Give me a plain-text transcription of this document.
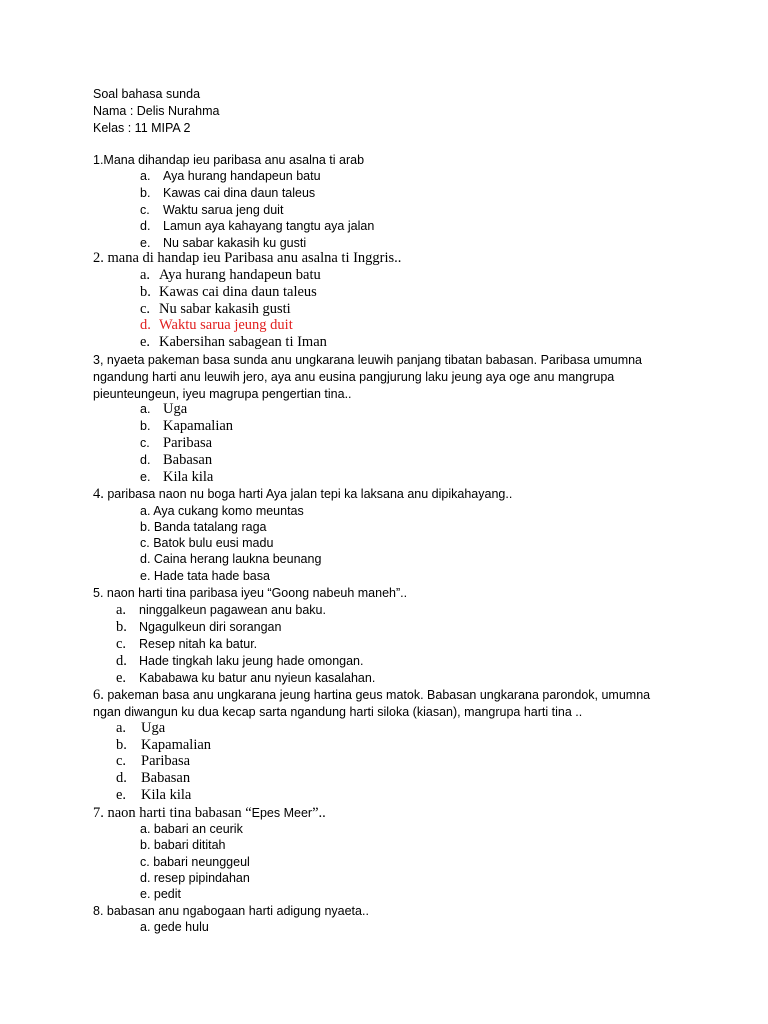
Soal bahasa sunda
Nama : Delis Nurahma
Kelas : 11 MIPA 2
1.Mana dihandap ieu paribasa anu asalna ti arab
a. Aya hurang handapeun batu
b. Kawas cai dina daun taleus
c. Waktu sarua jeng duit
d. Lamun aya kahayang tangtu aya jalan
e. Nu sabar kakasih ku gusti
2. mana di handap ieu Paribasa anu asalna ti Inggris..
a. Aya hurang handapeun batu
b. Kawas cai dina daun taleus
c. Nu sabar kakasih gusti
d. Waktu sarua jeung duit
e. Kabersihan sabagean ti Iman
3, nyaeta pakeman basa sunda anu ungkarana leuwih panjang tibatan babasan. Paribasa umumna
ngandung harti anu leuwih jero, aya anu eusina pangjurung laku jeung aya oge anu mangrupa
pieunteungeun, iyeu magrupa pengertian tina..
a. Uga
b. Kapamalian
c. Paribasa
d. Babasan
e. Kila kila
4. paribasa naon nu boga harti Aya jalan tepi ka laksana anu dipikahayang..
a. Aya cukang komo meuntas
b. Banda tatalang raga
c. Batok bulu eusi madu
d. Caina herang laukna beunang
e. Hade tata hade basa
5. naon harti tina paribasa iyeu “Goong nabeuh maneh”..
a. ninggalkeun pagawean anu baku.
b. Ngagulkeun diri sorangan
c. Resep nitah ka batur.
d. Hade tingkah laku jeung hade omongan.
e. Kababawa ku batur anu nyieun kasalahan.
6. pakeman basa anu ungkarana jeung hartina geus matok. Babasan ungkarana parondok, umumna
ngan diwangun ku dua kecap sarta ngandung harti siloka (kiasan), mangrupa harti tina ..
a. Uga
b. Kapamalian
c. Paribasa
d. Babasan
e. Kila kila
7. naon harti tina babasan “Epes Meer”..
a. babari an ceurik
b. babari dititah
c. babari neunggeul
d. resep pipindahan
e. pedit
8. babasan anu ngabogaan harti adigung nyaeta..
a. gede hulu
